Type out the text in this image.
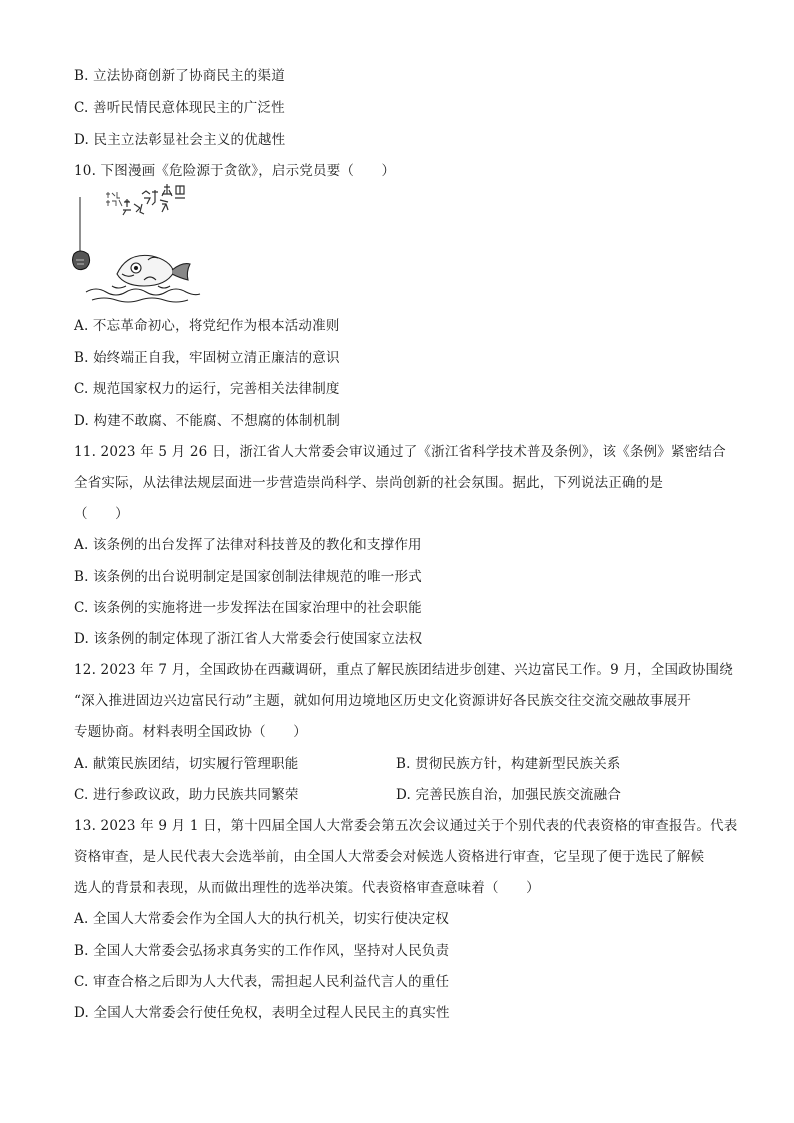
B. 立法协商创新了协商民主的渠道
C. 善听民情民意体现民主的广泛性
D. 民主立法彰显社会主义的优越性
10. 下图漫画《危险源于贪欲》，启示党员要（　　）
A. 不忘革命初心，将党纪作为根本活动准则
B. 始终端正自我，牢固树立清正廉洁的意识
C. 规范国家权力的运行，完善相关法律制度
D. 构建不敢腐、不能腐、不想腐的体制机制
11. 2023 年 5 月 26 日，浙江省人大常委会审议通过了《浙江省科学技术普及条例》，该《条例》紧密结合
全省实际，从法律法规层面进一步营造崇尚科学、崇尚创新的社会氛围。据此，下列说法正确的是
（　　）
A. 该条例的出台发挥了法律对科技普及的教化和支撑作用
B. 该条例的出台说明制定是国家创制法律规范的唯一形式
C. 该条例的实施将进一步发挥法在国家治理中的社会职能
D. 该条例的制定体现了浙江省人大常委会行使国家立法权
12. 2023 年 7 月，全国政协在西藏调研，重点了解民族团结进步创建、兴边富民工作。9 月，全国政协围绕
“深入推进固边兴边富民行动”主题，就如何用边境地区历史文化资源讲好各民族交往交流交融故事展开
专题协商。材料表明全国政协（　　）
A. 献策民族团结，切实履行管理职能	B. 贯彻民族方针，构建新型民族关系
C. 进行参政议政，助力民族共同繁荣	D. 完善民族自治，加强民族交流融合
13. 2023 年 9 月 1 日，第十四届全国人大常委会第五次会议通过关于个别代表的代表资格的审查报告。代表
资格审查，是人民代表大会选举前，由全国人大常委会对候选人资格进行审查，它呈现了便于选民了解候
选人的背景和表现，从而做出理性的选举决策。代表资格审查意味着（　　）
A. 全国人大常委会作为全国人大的执行机关，切实行使决定权
B. 全国人大常委会弘扬求真务实的工作作风，坚持对人民负责
C. 审查合格之后即为人大代表，需担起人民利益代言人的重任
D. 全国人大常委会行使任免权，表明全过程人民民主的真实性
